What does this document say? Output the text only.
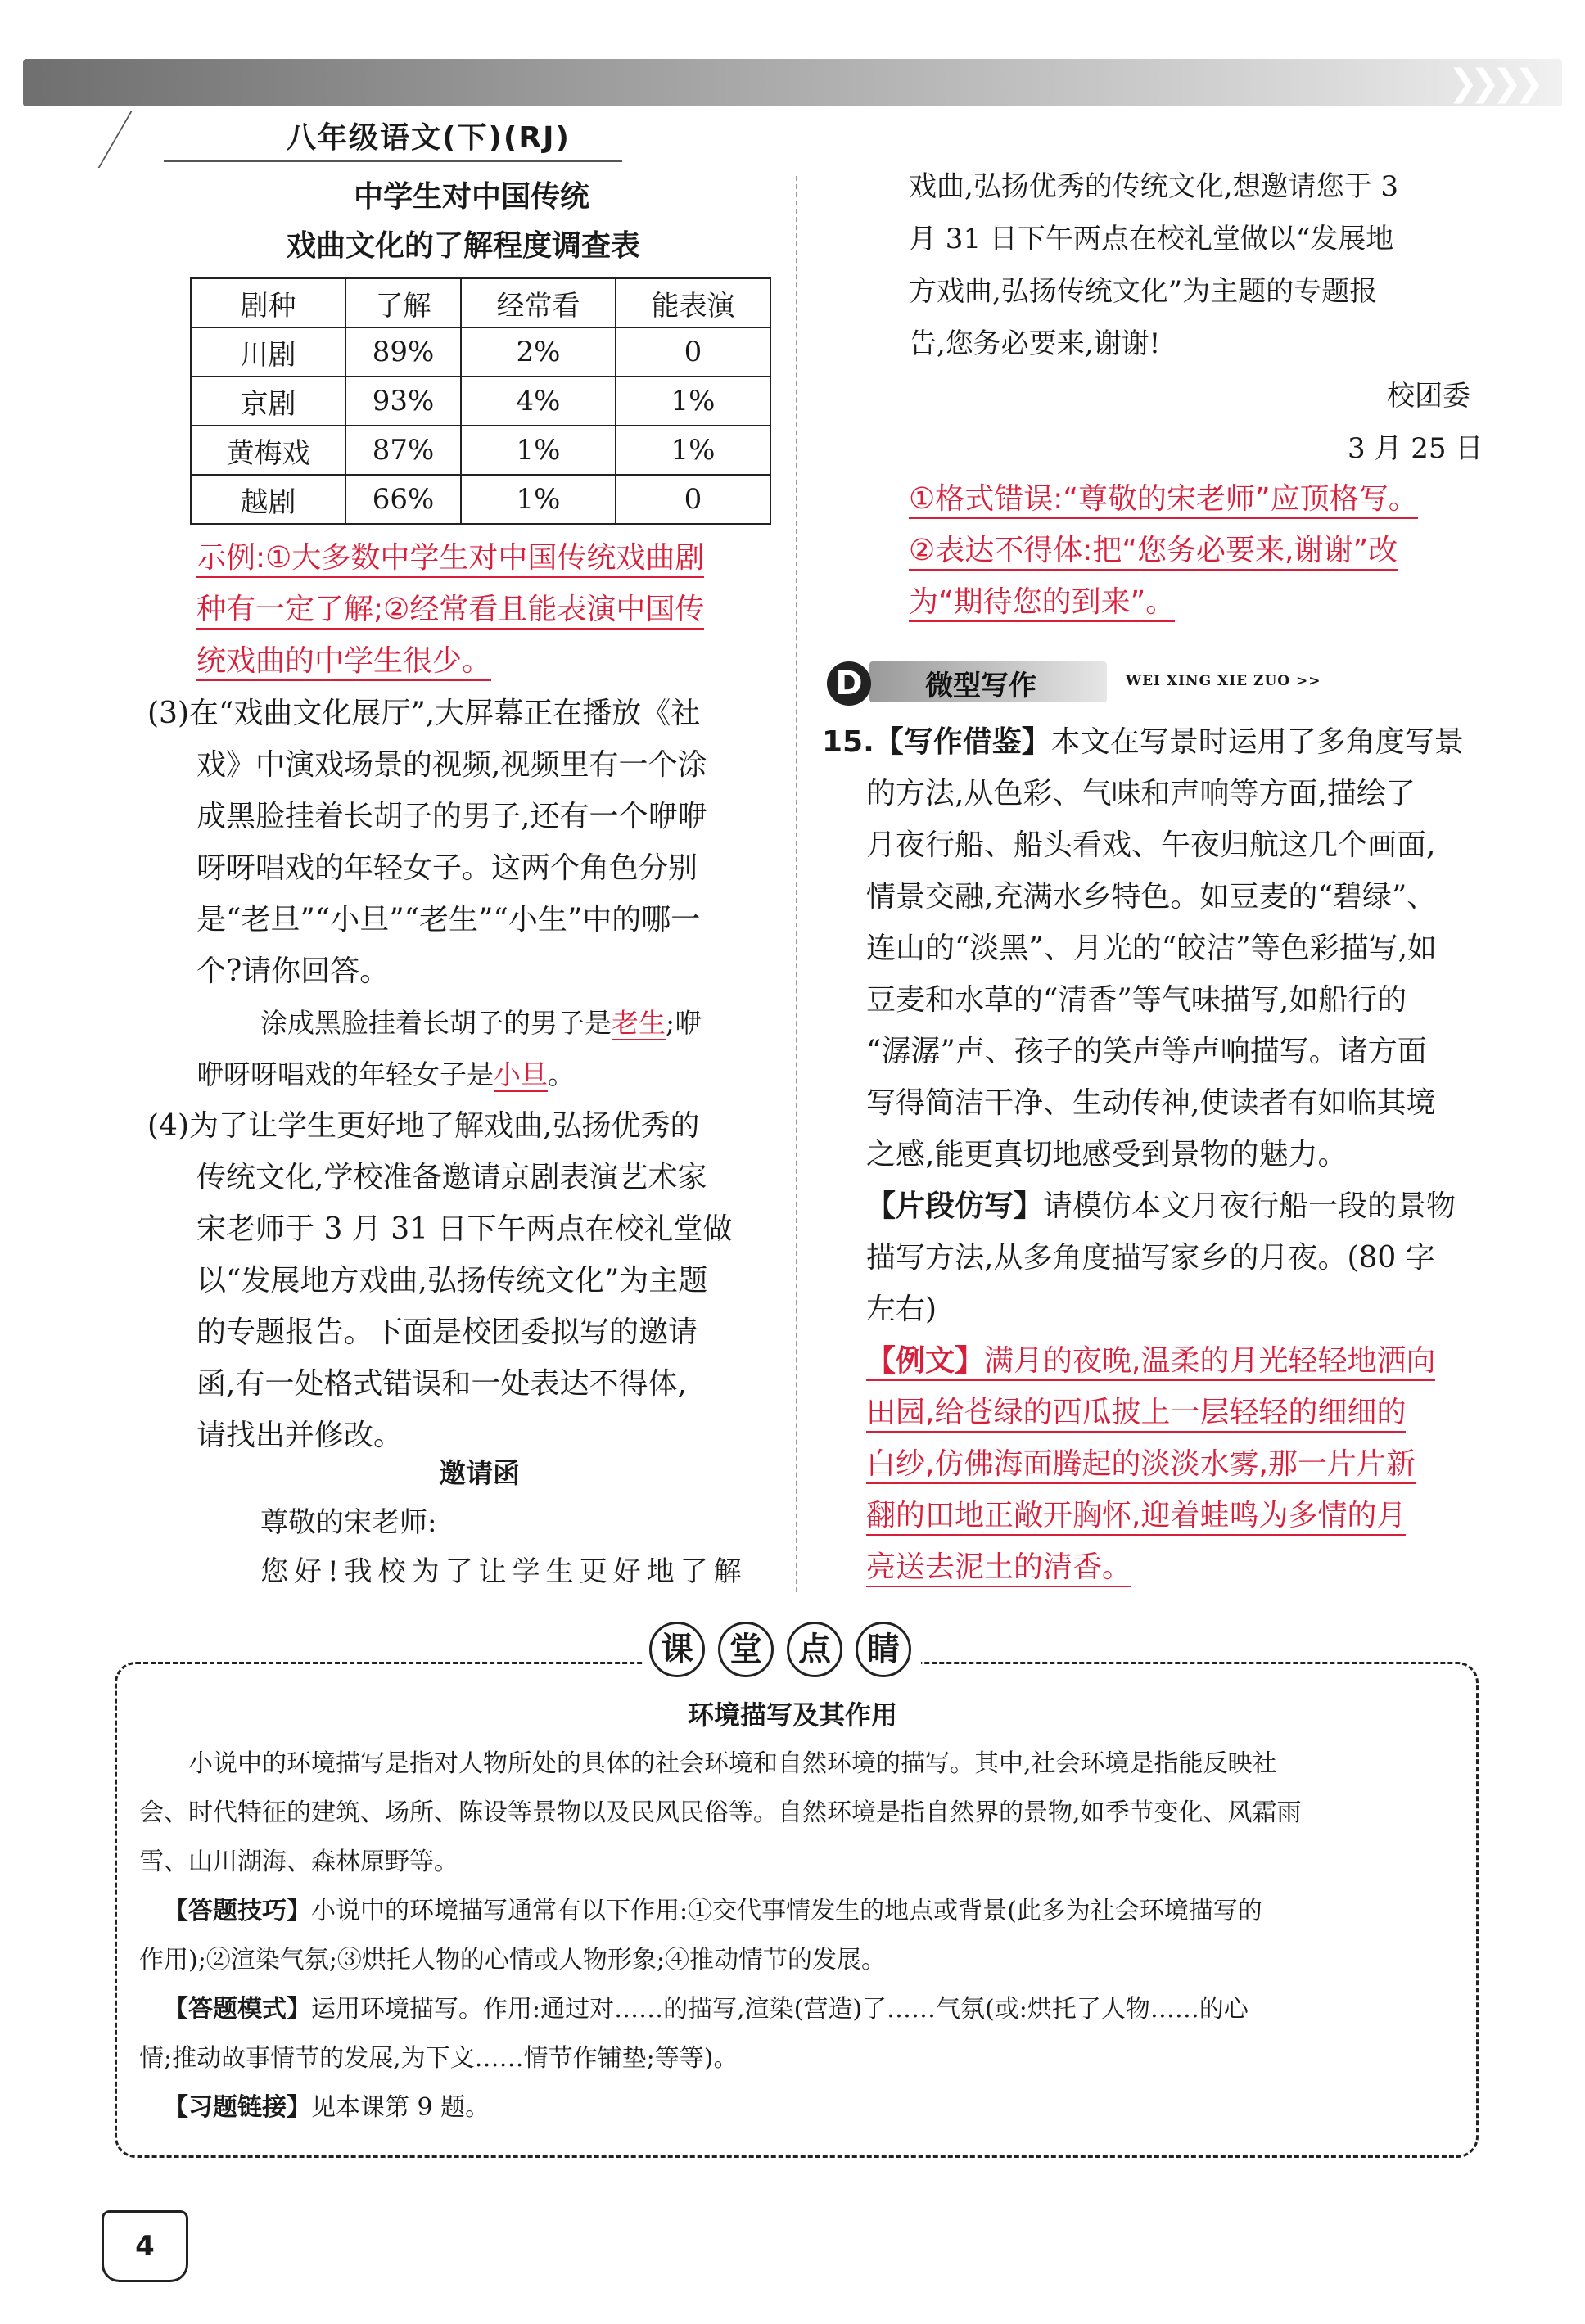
❯❯❯❯
八年级语文(下)(RJ)
中学生对中国传统
戏曲文化的了解程度调查表
剧种	了解	经常看	能表演
川剧	89%	2%	0
京剧	93%	4%	1%
黄梅戏	87%	1%	1%
越剧	66%	1%	0
示例:①大多数中学生对中国传统戏曲剧
种有一定了解;②经常看且能表演中国传
统戏曲的中学生很少。
(3)在“戏曲文化展厅”,大屏幕正在播放《社
戏》中演戏场景的视频,视频里有一个涂
成黑脸挂着长胡子的男子,还有一个咿咿
呀呀唱戏的年轻女子。这两个角色分别
是“老旦”“小旦”“老生”“小生”中的哪一
个?请你回答。
涂成黑脸挂着长胡子的男子是老生;咿
咿呀呀唱戏的年轻女子是小旦。
(4)为了让学生更好地了解戏曲,弘扬优秀的
传统文化,学校准备邀请京剧表演艺术家
宋老师于 3 月 31 日下午两点在校礼堂做
以“发展地方戏曲,弘扬传统文化”为主题
的专题报告。下面是校团委拟写的邀请
函,有一处格式错误和一处表达不得体,
请找出并修改。
邀请函
尊敬的宋老师:
您好!我校为了让学生更好地了解
戏曲,弘扬优秀的传统文化,想邀请您于 3
月 31 日下午两点在校礼堂做以“发展地
方戏曲,弘扬传统文化”为主题的专题报
告,您务必要来,谢谢!
校团委
3 月 25 日
①格式错误:“尊敬的宋老师”应顶格写。
②表达不得体:把“您务必要来,谢谢”改
为“期待您的到来”。
D	微型写作	WEI XING XIE ZUO >>
15.【写作借鉴】本文在写景时运用了多角度写景
的方法,从色彩、气味和声响等方面,描绘了
月夜行船、船头看戏、午夜归航这几个画面,
情景交融,充满水乡特色。如豆麦的“碧绿”、
连山的“淡黑”、月光的“皎洁”等色彩描写,如
豆麦和水草的“清香”等气味描写,如船行的
“潺潺”声、孩子的笑声等声响描写。诸方面
写得简洁干净、生动传神,使读者有如临其境
之感,能更真切地感受到景物的魅力。
【片段仿写】请模仿本文月夜行船一段的景物
描写方法,从多角度描写家乡的月夜。(80 字
左右)
【例文】满月的夜晚,温柔的月光轻轻地洒向
田园,给苍绿的西瓜披上一层轻轻的细细的
白纱,仿佛海面腾起的淡淡水雾,那一片片新
翻的田地正敞开胸怀,迎着蛙鸣为多情的月
亮送去泥土的清香。
课	堂	点	睛
环境描写及其作用
小说中的环境描写是指对人物所处的具体的社会环境和自然环境的描写。其中,社会环境是指能反映社
会、时代特征的建筑、场所、陈设等景物以及民风民俗等。自然环境是指自然界的景物,如季节变化、风霜雨
雪、山川湖海、森林原野等。
【答题技巧】小说中的环境描写通常有以下作用:①交代事情发生的地点或背景(此多为社会环境描写的
作用);②渲染气氛;③烘托人物的心情或人物形象;④推动情节的发展。
【答题模式】运用环境描写。作用:通过对……的描写,渲染(营造)了……气氛(或:烘托了人物……的心
情;推动故事情节的发展,为下文……情节作铺垫;等等)。
【习题链接】见本课第 9 题。
4
